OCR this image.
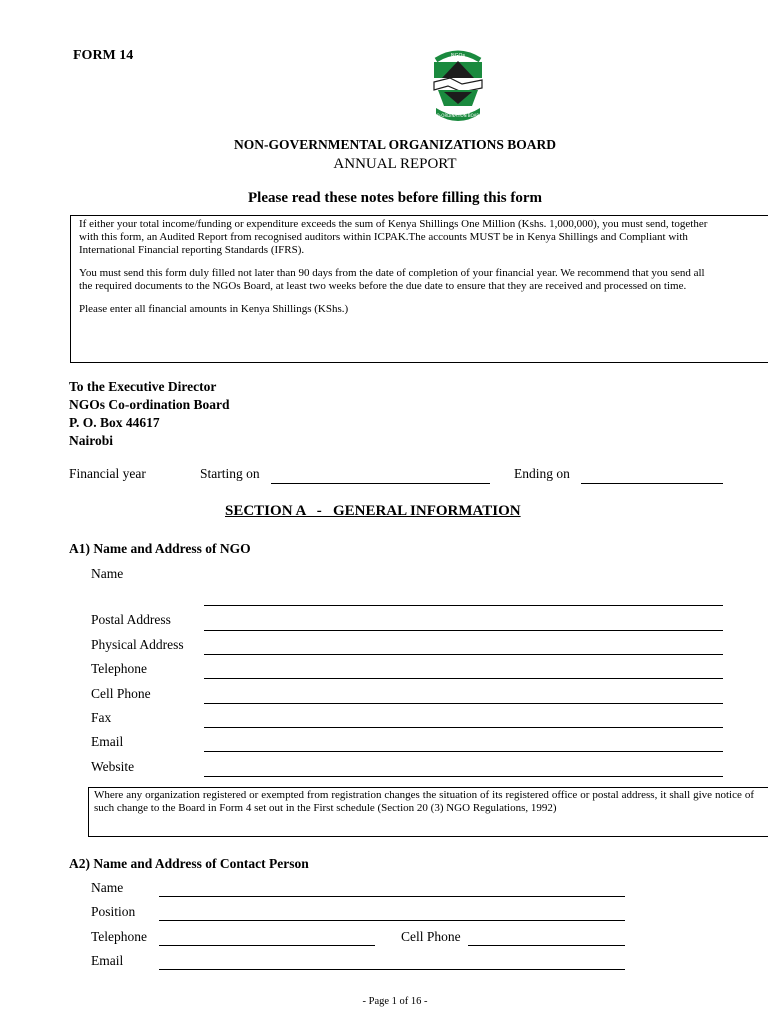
FORM 14	NGOs
CO-ORDINATION BOARD
NON-GOVERNMENTAL ORGANIZATIONS BOARD
ANNUAL REPORT
Please read these notes before filling this form

If either your total income/funding or expenditure exceeds the sum of Kenya Shillings One Million (Kshs. 1,000,000), you must send, together with this form, an Audited Report from recognised auditors within ICPAK.The accounts MUST be in Kenya Shillings and Compliant with International Financial reporting Standards (IFRS).

You must send this form duly filled not later than 90 days from the date of completion of your financial year. We recommend that you send all the required documents to the NGOs Board, at least two weeks before the due date to ensure that they are received and processed on time.

Please enter all financial amounts in Kenya Shillings (KShs.)

To the Executive Director
NGOs Co-ordination Board
P. O. Box 44617
Nairobi
Financial year	Starting on	Ending on
SECTION A   -   GENERAL INFORMATION
A1) Name and Address of NGO
Name
Postal Address
Physical Address
Telephone
Cell Phone
Fax
Email
Website

Where any organization registered or exempted from registration changes the situation of its registered office or postal address, it shall give notice of such change to the Board in Form 4 set out in the First schedule (Section 20 (3) NGO Regulations, 1992)

A2) Name and Address of Contact Person
Name
Position
Telephone	Cell Phone
Email
- Page 1 of 16 -
